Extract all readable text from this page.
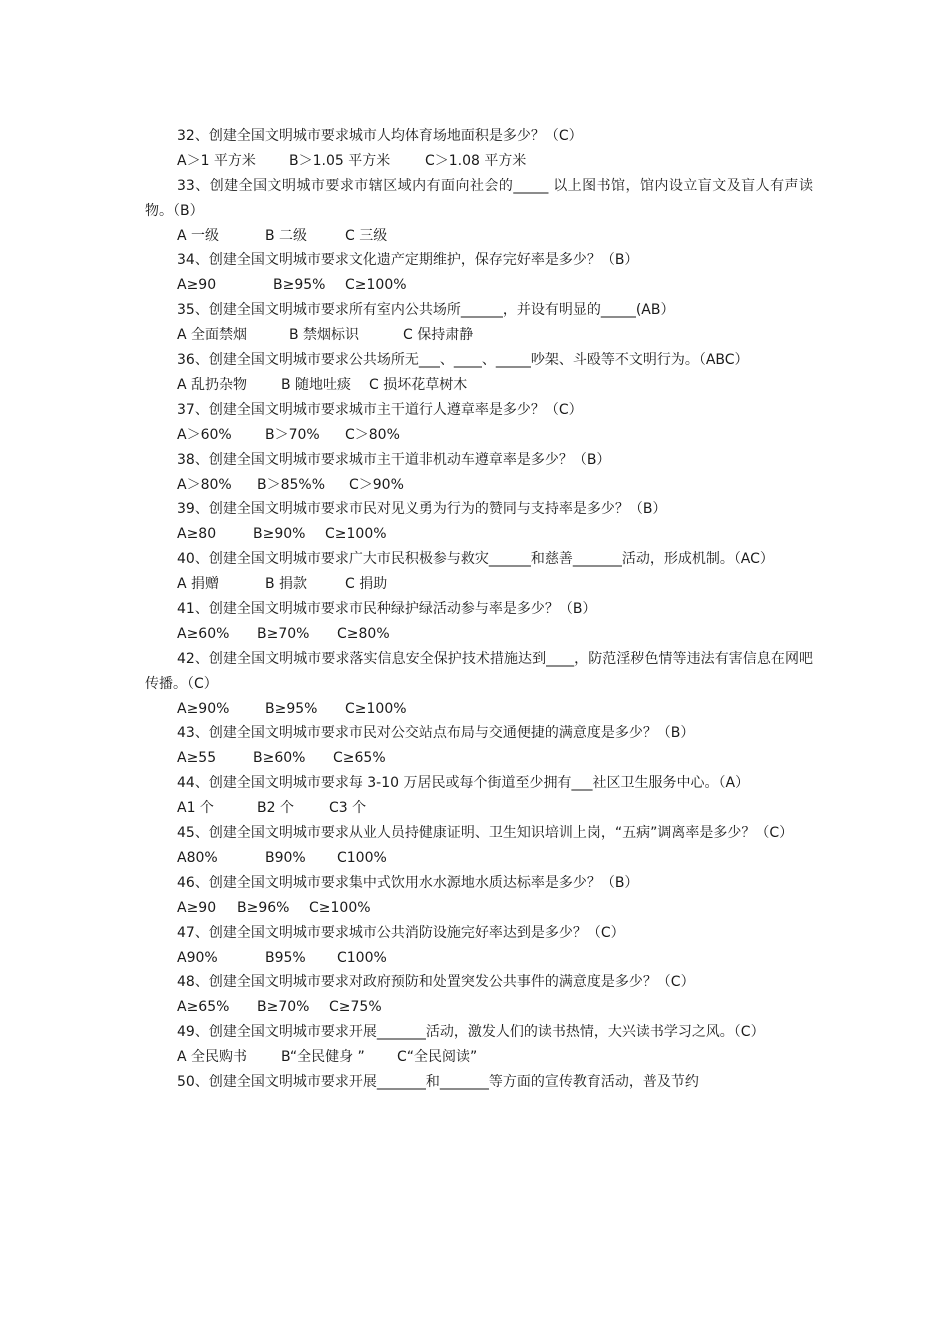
32、创建全国文明城市要求城市人均体育场地面积是多少？（C）
A＞1 平方米 B＞1.05 平方米 C＞1.08 平方米
33、创建全国文明城市要求市辖区域内有面向社会的_____ 以上图书馆，馆内设立盲文及盲人有声读物。（B）
A 一级	B 二级	C 三级
34、创建全国文明城市要求文化遗产定期维护，保存完好率是多少？（B）
A≥90	B≥95% C≥100%
35、创建全国文明城市要求所有室内公共场所______，并设有明显的_____(AB）
A 全面禁烟	B 禁烟标识	C 保持肃静
36、创建全国文明城市要求公共场所无___、____、_____吵架、斗殴等不文明行为。（ABC）
A 乱扔杂物 B 随地吐痰 C 损坏花草树木
37、创建全国文明城市要求城市主干道行人遵章率是多少？（C）
A＞60% B＞70% C＞80%
38、创建全国文明城市要求城市主干道非机动车遵章率是多少？（B）
A＞80% B＞85%% C＞90%
39、创建全国文明城市要求市民对见义勇为行为的赞同与支持率是多少？（B）
A≥80	B≥90% C≥100%
40、创建全国文明城市要求广大市民积极参与救灾______和慈善_______活动，形成机制。（AC）
A 捐赠	B 捐款	C 捐助
41、创建全国文明城市要求市民种绿护绿活动参与率是多少？（B）
A≥60% B≥70% C≥80%
42、创建全国文明城市要求落实信息安全保护技术措施达到____，防范淫秽色情等违法有害信息在网吧传播。（C）
A≥90%	B≥95% C≥100%
43、创建全国文明城市要求市民对公交站点布局与交通便捷的满意度是多少？（B）
A≥55	B≥60% C≥65%
44、创建全国文明城市要求每 3-10 万居民或每个街道至少拥有___社区卫生服务中心。（A）
A1 个	B2 个	C3 个
45、创建全国文明城市要求从业人员持健康证明、卫生知识培训上岗，“五病”调离率是多少？（C）
A80%	B90% C100%
46、创建全国文明城市要求集中式饮用水水源地水质达标率是多少？（B）
A≥90 B≥96% C≥100%
47、创建全国文明城市要求城市公共消防设施完好率达到是多少？（C）
A90%	B95% C100%
48、创建全国文明城市要求对政府预防和处置突发公共事件的满意度是多少？（C）
A≥65% B≥70% C≥75%
49、创建全国文明城市要求开展_______活动，激发人们的读书热情，大兴读书学习之风。（C）
A 全民购书 B“全民健身 ” C“全民阅读”
50、创建全国文明城市要求开展_______和_______等方面的宣传教育活动，普及节约
